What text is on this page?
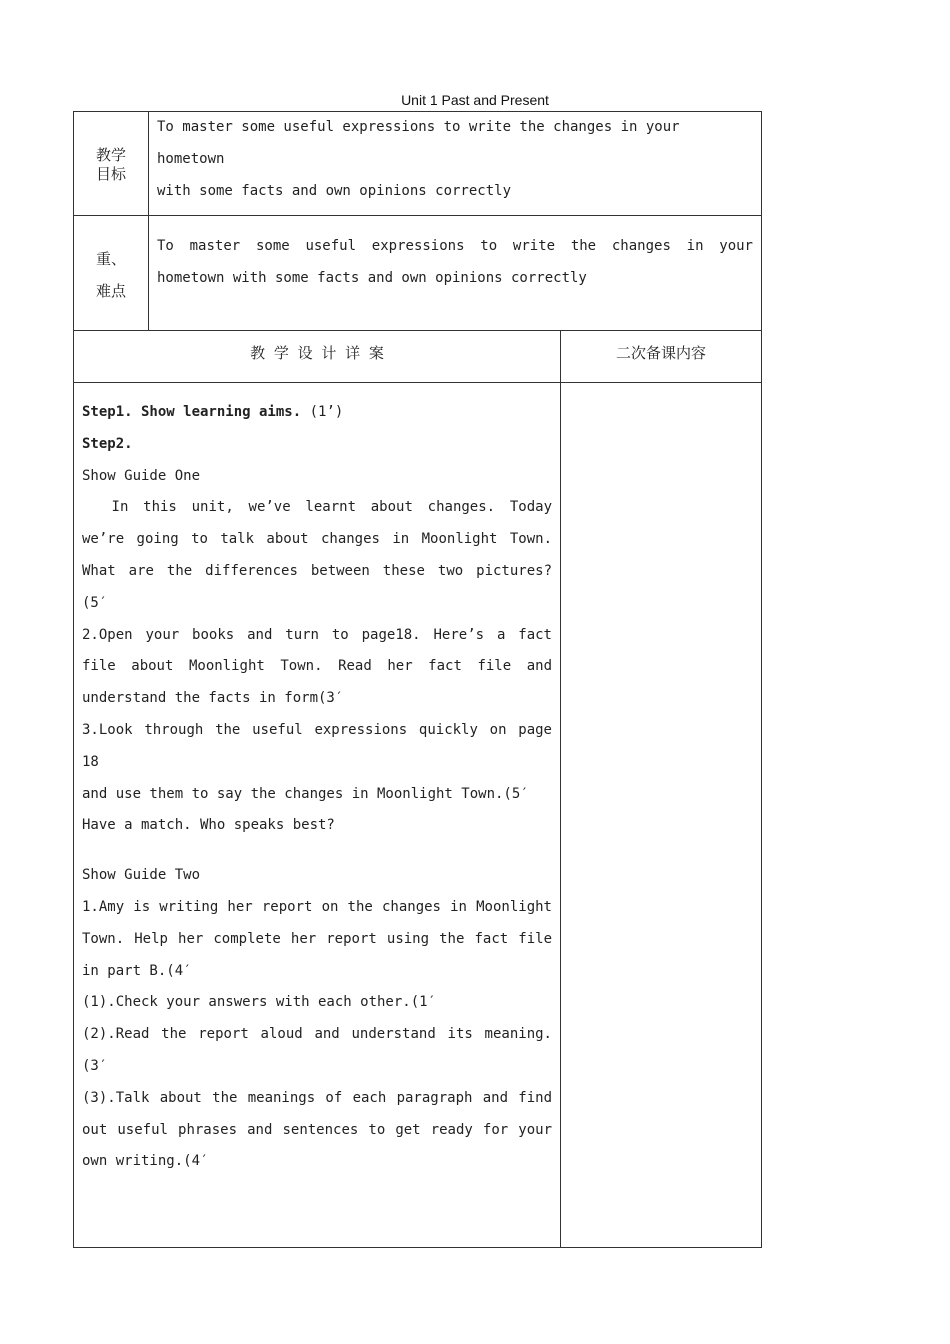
Unit 1 Past and Present
教学
目标
To master some useful expressions to write the changes in your hometown
with some facts and own opinions correctly
重、
难点
To master some useful expressions to write the changes in your
hometown with some facts and own opinions correctly
教 学 设 计 详 案	二次备课内容
Step1. Show learning aims. (1’)
Step2.
Show Guide One
In this unit, we’ve learnt about changes. Today
we’re going to talk about changes in Moonlight Town.
What are the differences between these two pictures?
(5′
2.Open your books and turn to page18. Here’s a fact
file about Moonlight Town. Read her fact file and
understand the facts in form(3′
3.Look through the useful expressions quickly on page 18
and use them to say the changes in Moonlight Town.(5′
Have a match. Who speaks best?
Show Guide Two
1.Amy is writing her report on the changes in Moonlight
Town. Help her complete her report using the fact file
in part B.(4′
(1).Check your answers with each other.(1′
(2).Read the report aloud and understand its meaning.
(3′
(3).Talk about the meanings of each paragraph and find
out useful phrases and sentences to get ready for your
own writing.(4′
